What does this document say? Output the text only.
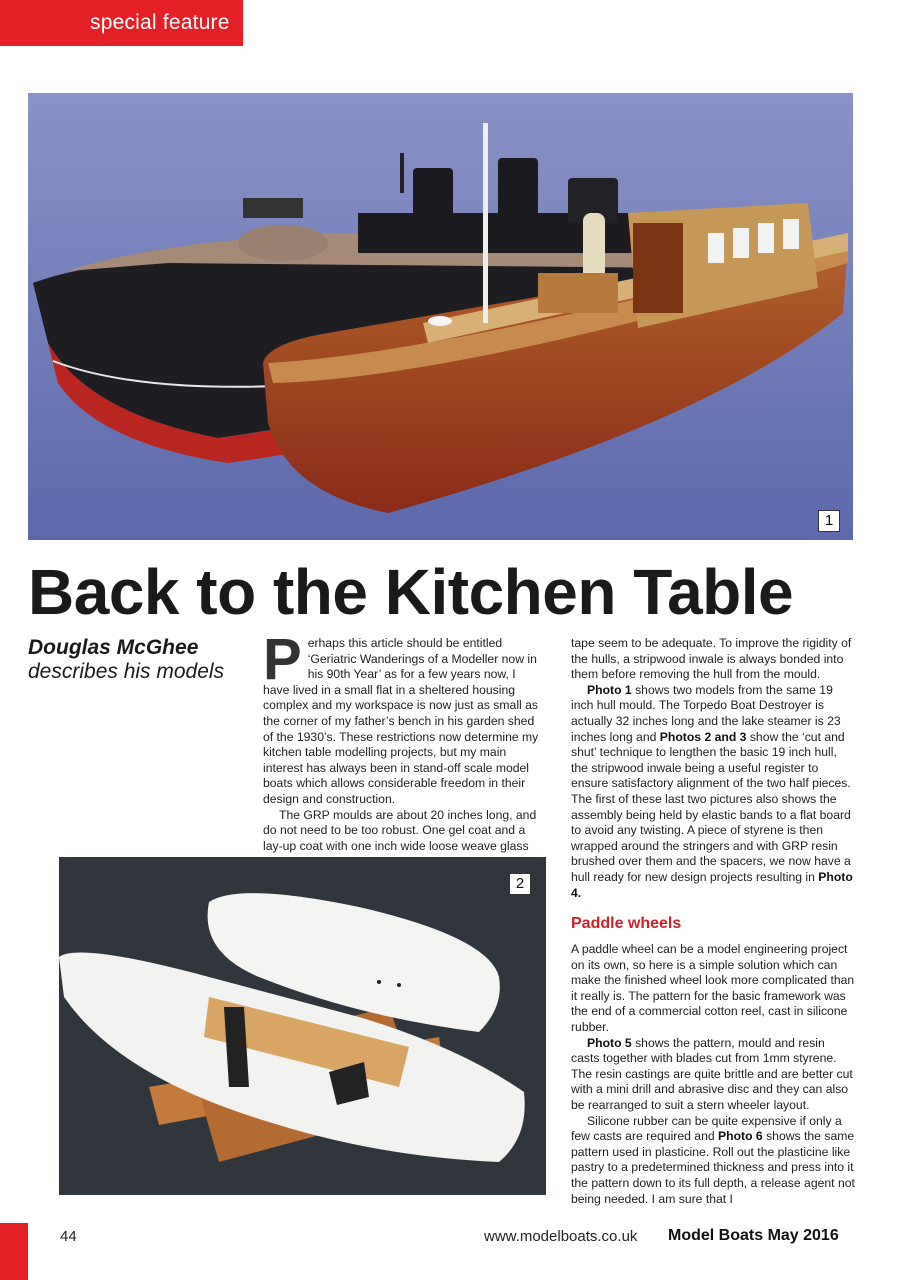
special feature
1
Back to the Kitchen Table
Douglas McGhee
describes his models P erhaps this article should be entitled ‘Geriatric Wanderings of a Modeller now in his 90th Year’ as for a few years now, I have lived in a small flat in a sheltered housing complex and my workspace is now just as small as the corner of my father’s bench in his garden shed of the 1930’s. These restrictions now determine my kitchen table modelling projects, but my main interest has always been in stand-off scale model boats which allows considerable freedom in their design and construction.

The GRP moulds are about 20 inches long, and do not need to be too robust. One gel coat and a lay-up coat with one inch wide loose weave glass

tape seem to be adequate. To improve the rigidity of the hulls, a stripwood inwale is always bonded into them before removing the hull from the mould.

Photo 1 shows two models from the same 19 inch hull mould. The Torpedo Boat Destroyer is actually 32 inches long and the lake steamer is 23 inches long and Photos 2 and 3 show the ‘cut and shut’ technique to lengthen the basic 19 inch hull, the stripwood inwale being a useful register to ensure satisfactory alignment of the two half pieces. The first of these last two pictures also shows the assembly being held by elastic bands to a flat board to avoid any twisting. A piece of styrene is then wrapped around the stringers and with GRP resin brushed over them and the spacers, we now have a hull ready for new design projects resulting in Photo 4.

Paddle wheels

A paddle wheel can be a model engineering project on its own, so here is a simple solution which can make the finished wheel look more complicated than it really is. The pattern for the basic framework was the end of a commercial cotton reel, cast in silicone rubber.

Photo 5 shows the pattern, mould and resin casts together with blades cut from 1mm styrene. The resin castings are quite brittle and are better cut with a mini drill and abrasive disc and they can also be rearranged to suit a stern wheeler layout.

Silicone rubber can be quite expensive if only a few casts are required and Photo 6 shows the same pattern used in plasticine. Roll out the plasticine like pastry to a predetermined thickness and press into it the pattern down to its full depth, a release agent not being needed. I am sure that I

2
44	www.modelboats.co.uk Model Boats May 2016
